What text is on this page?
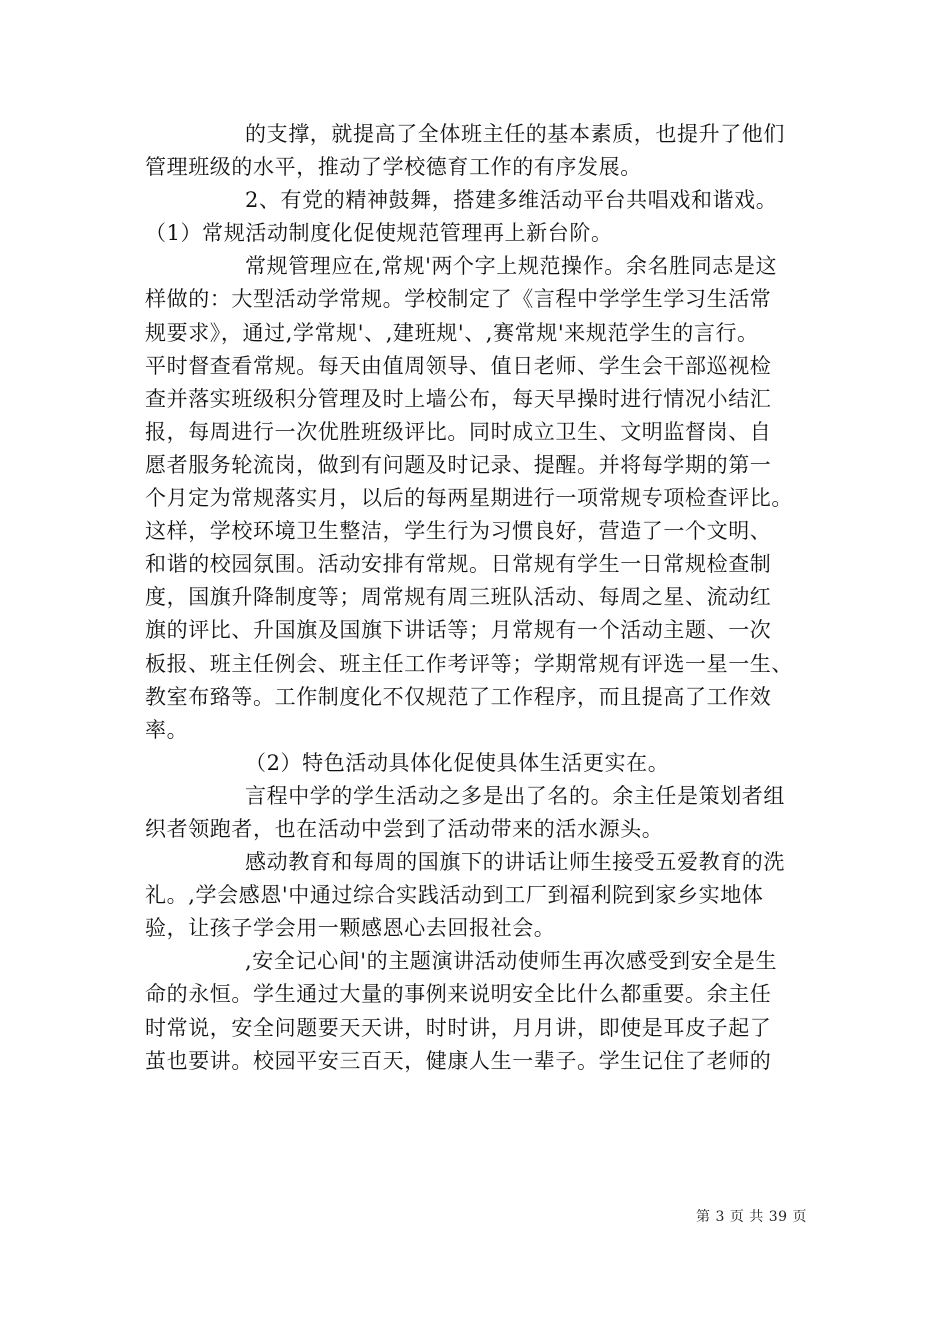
的支撑，就提高了全体班主任的基本素质，也提升了他们
管理班级的水平，推动了学校德育工作的有序发展。
2、有党的精神鼓舞，搭建多维活动平台共唱戏和谐戏。
（1）常规活动制度化促使规范管理再上新台阶。
常规管理应在,常规'两个字上规范操作。余名胜同志是这
样做的：大型活动学常规。学校制定了《言程中学学生学习生活常
规要求》，通过,学常规'、,建班规'、,赛常规'来规范学生的言行。
平时督查看常规。每天由值周领导、值日老师、学生会干部巡视检
查并落实班级积分管理及时上墙公布，每天早操时进行情况小结汇
报，每周进行一次优胜班级评比。同时成立卫生、文明监督岗、自
愿者服务轮流岗，做到有问题及时记录、提醒。并将每学期的第一
个月定为常规落实月，以后的每两星期进行一项常规专项检查评比。
这样，学校环境卫生整洁，学生行为习惯良好，营造了一个文明、
和谐的校园氛围。活动安排有常规。日常规有学生一日常规检查制
度，国旗升降制度等；周常规有周三班队活动、每周之星、流动红
旗的评比、升国旗及国旗下讲话等；月常规有一个活动主题、一次
板报、班主任例会、班主任工作考评等；学期常规有评选一星一生、
教室布臵等。工作制度化不仅规范了工作程序，而且提高了工作效
率。
（2）特色活动具体化促使具体生活更实在。
言程中学的学生活动之多是出了名的。余主任是策划者组
织者领跑者，也在活动中尝到了活动带来的活水源头。
感动教育和每周的国旗下的讲话让师生接受五爱教育的洗
礼。,学会感恩'中通过综合实践活动到工厂到福利院到家乡实地体
验，让孩子学会用一颗感恩心去回报社会。
,安全记心间'的主题演讲活动使师生再次感受到安全是生
命的永恒。学生通过大量的事例来说明安全比什么都重要。余主任
时常说，安全问题要天天讲，时时讲，月月讲，即使是耳皮子起了
茧也要讲。校园平安三百天，健康人生一辈子。学生记住了老师的
第 3 页 共 39 页
